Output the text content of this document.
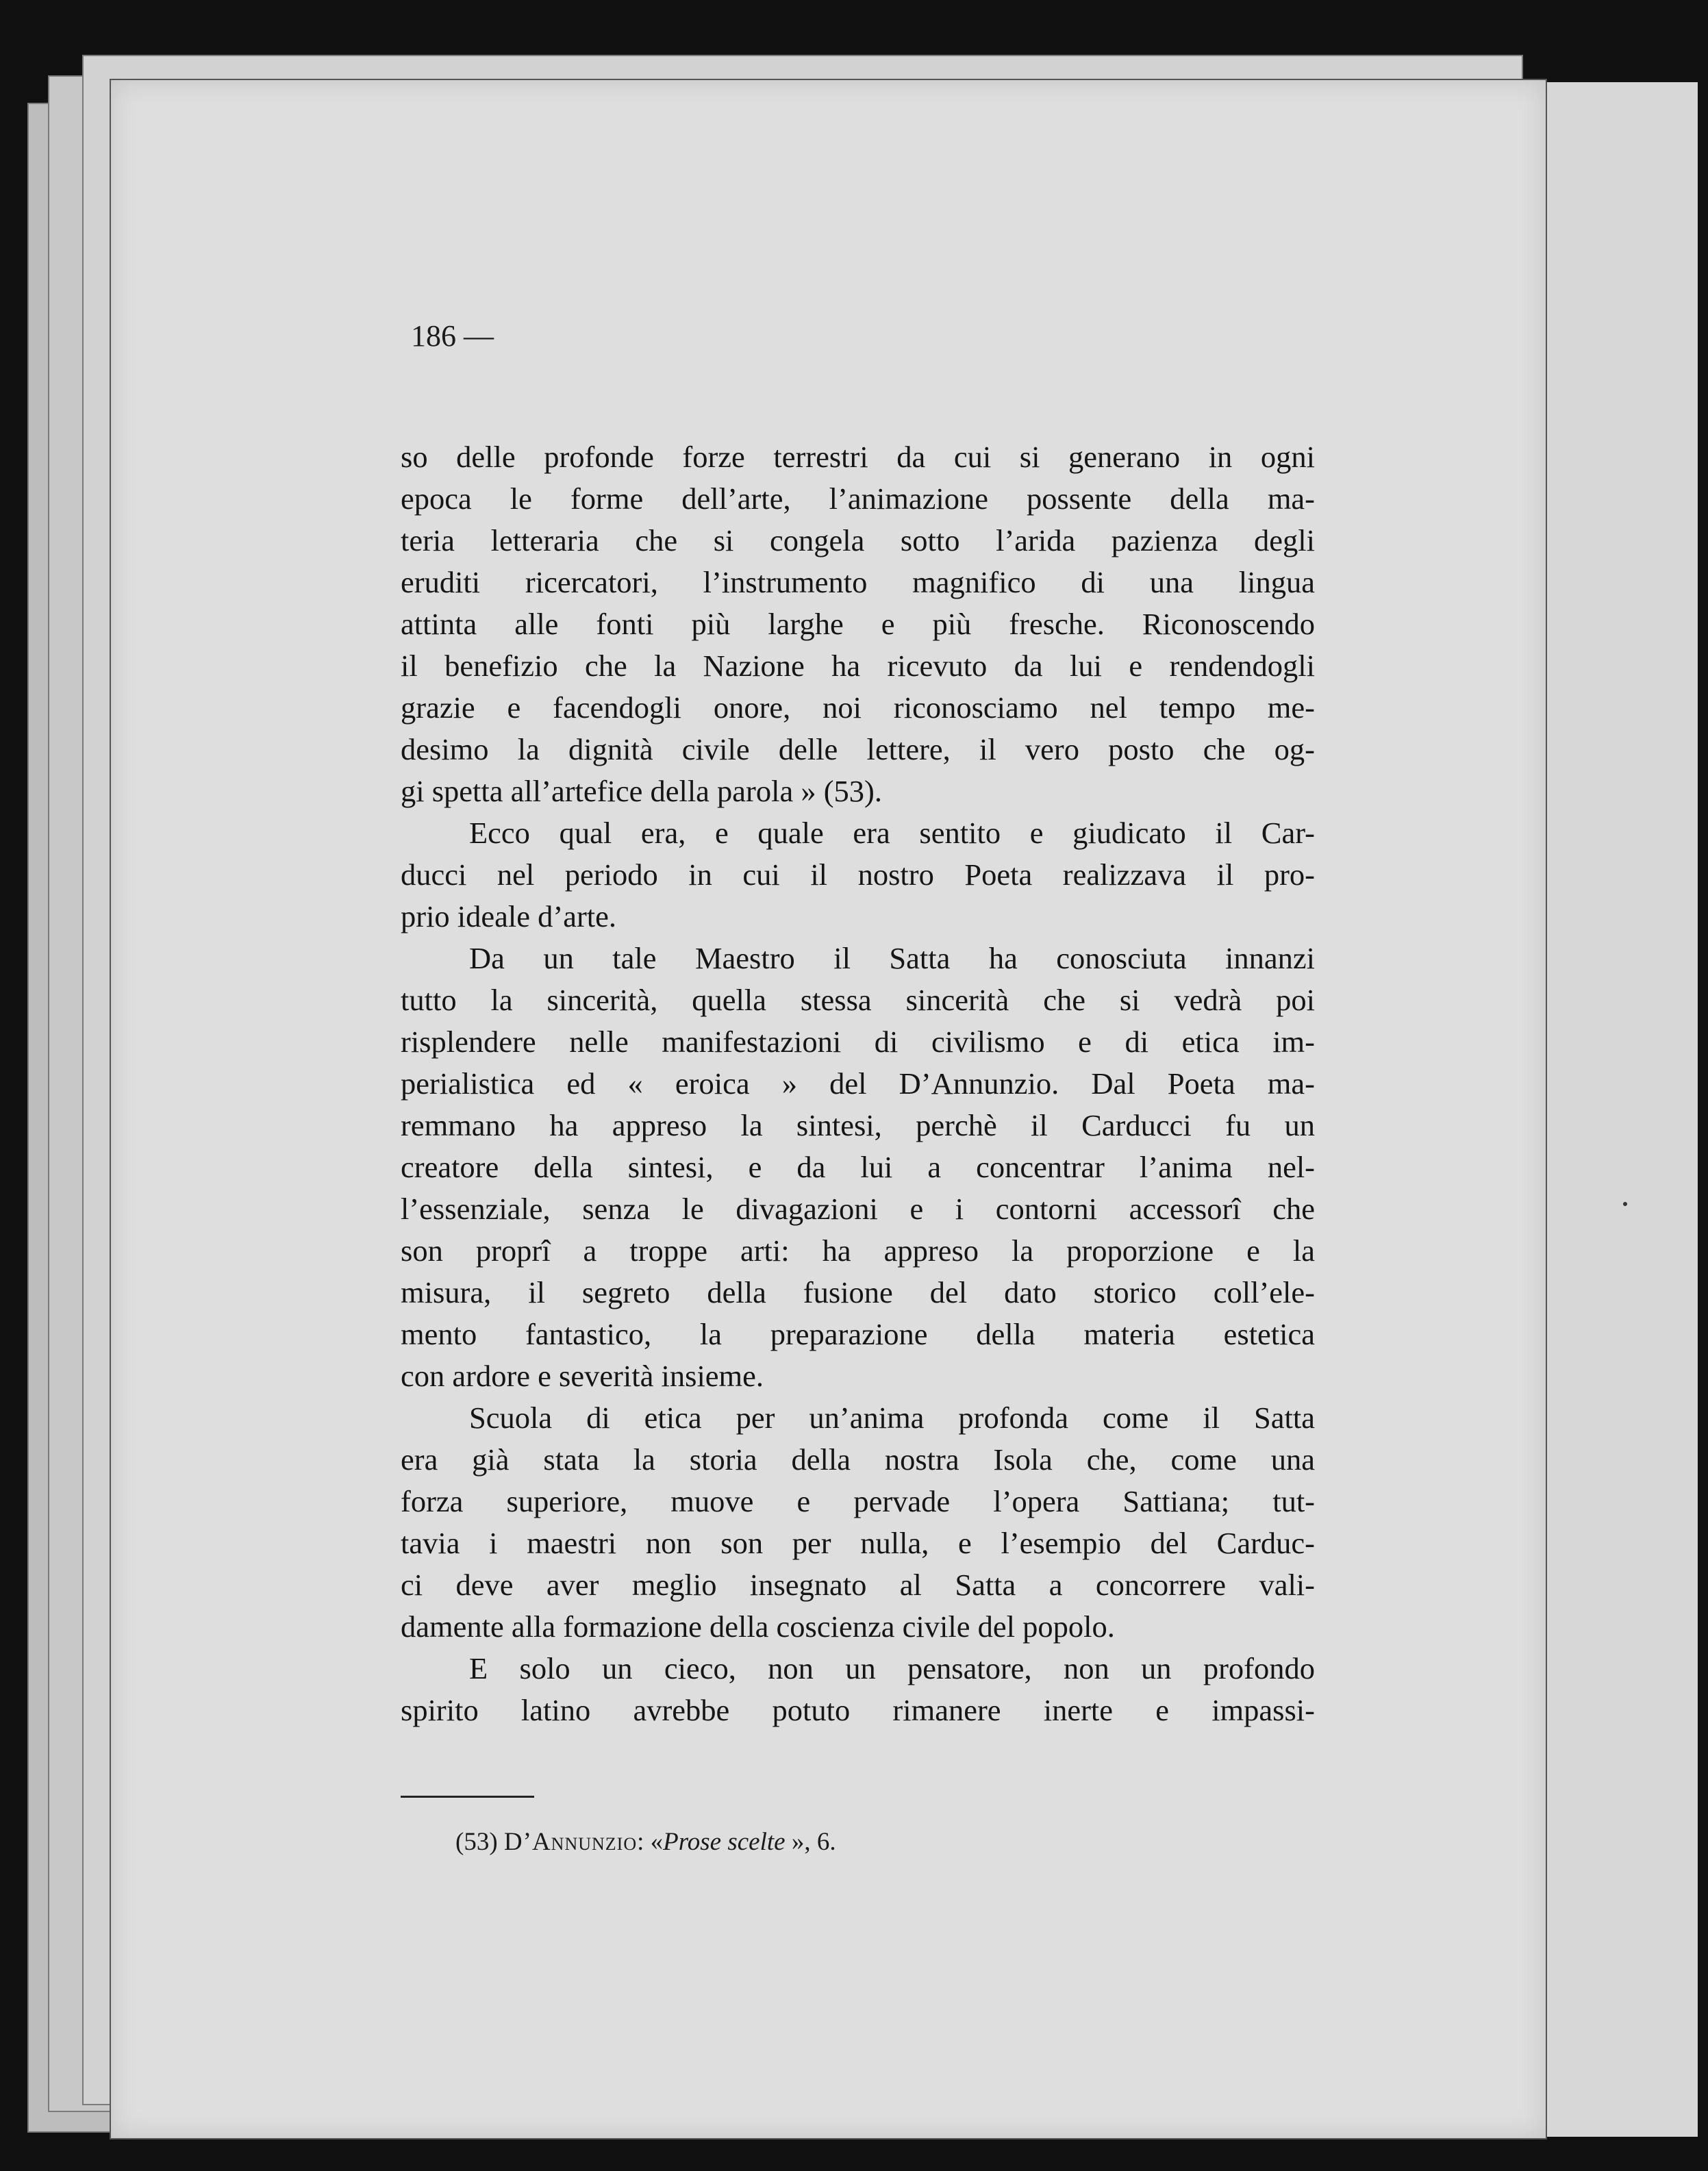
186 —
so delle profonde forze terrestri da cui si generano in ogni
epoca le forme dell’arte, l’animazione possente della ma-
teria letteraria che si congela sotto l’arida pazienza degli
eruditi ricercatori, l’instrumento magnifico di una lingua
attinta alle fonti più larghe e più fresche. Riconoscendo
il benefizio che la Nazione ha ricevuto da lui e rendendogli
grazie e facendogli onore, noi riconosciamo nel tempo me-
desimo la dignità civile delle lettere, il vero posto che og-
gi spetta all’artefice della parola » (53).
Ecco qual era, e quale era sentito e giudicato il Car-
ducci nel periodo in cui il nostro Poeta realizzava il pro-
prio ideale d’arte.
Da un tale Maestro il Satta ha conosciuta innanzi
tutto la sincerità, quella stessa sincerità che si vedrà poi
risplendere nelle manifestazioni di civilismo e di etica im-
perialistica ed « eroica » del D’Annunzio. Dal Poeta ma-
remmano ha appreso la sintesi, perchè il Carducci fu un
creatore della sintesi, e da lui a concentrar l’anima nel-
l’essenziale, senza le divagazioni e i contorni accessorî che
son proprî a troppe arti: ha appreso la proporzione e la
misura, il segreto della fusione del dato storico coll’ele-
mento fantastico, la preparazione della materia estetica
con ardore e severità insieme.
Scuola di etica per un’anima profonda come il Satta
era già stata la storia della nostra Isola che, come una
forza superiore, muove e pervade l’opera Sattiana; tut-
tavia i maestri non son per nulla, e l’esempio del Carduc-
ci deve aver meglio insegnato al Satta a concorrere vali-
damente alla formazione della coscienza civile del popolo.
E solo un cieco, non un pensatore, non un profondo
spirito latino avrebbe potuto rimanere inerte e impassi-
(53) D’Annunzio: «Prose scelte », 6.
